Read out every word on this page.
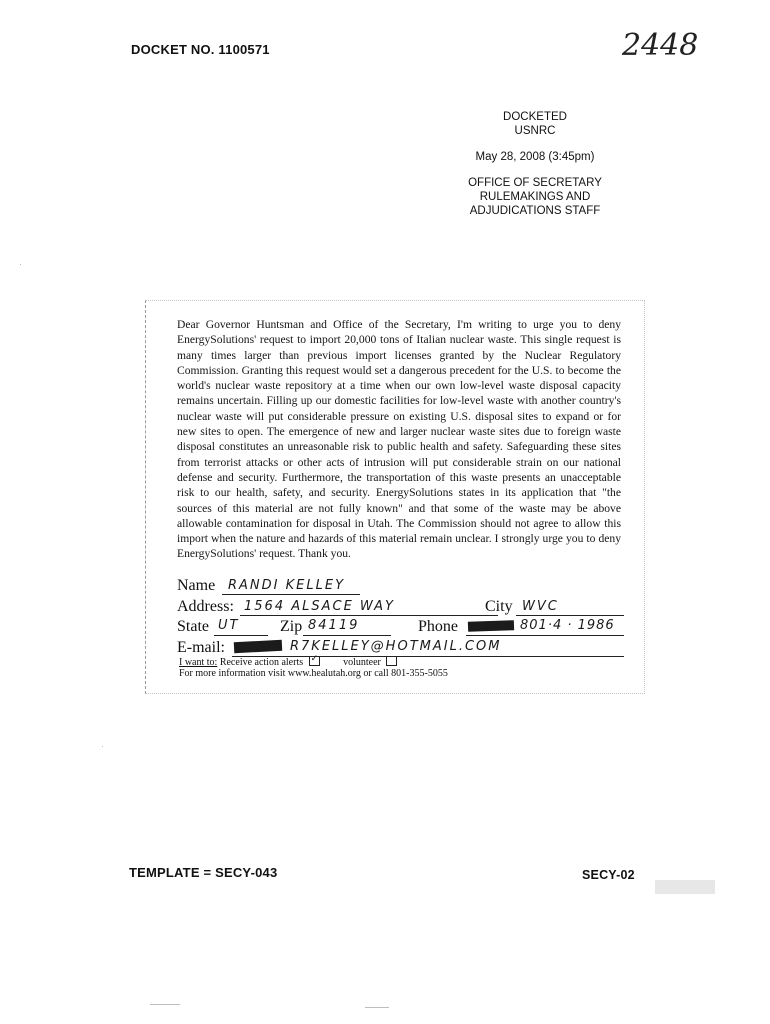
DOCKET NO. 1100571	2448
DOCKETED
USNRC
May 28, 2008 (3:45pm)
OFFICE OF SECRETARY
RULEMAKINGS AND
ADJUDICATIONS STAFF
Dear Governor Huntsman and Office of the Secretary, I'm writing to urge you to deny EnergySolutions' request to import 20,000 tons of Italian nuclear waste. This single request is many times larger than previous import licenses granted by the Nuclear Regulatory Commission. Granting this request would set a dangerous precedent for the U.S. to become the world's nuclear waste repository at a time when our own low-level waste disposal capacity remains uncertain. Filling up our domestic facilities for low-level waste with another country's nuclear waste will put considerable pressure on existing U.S. disposal sites to expand or for new sites to open. The emergence of new and larger nuclear waste sites due to foreign waste disposal constitutes an unreasonable risk to public health and safety. Safeguarding these sites from terrorist attacks or other acts of intrusion will put considerable strain on our national defense and security. Furthermore, the transportation of this waste presents an unacceptable risk to our health, safety, and security. EnergySolutions states in its application that "the sources of this material are not fully known" and that some of the waste may be above allowable contamination for disposal in Utah. The Commission should not agree to allow this import when the nature and hazards of this material remain unclear. I strongly urge you to deny EnergySolutions' request. Thank you.
Name RANDI KELLEY
Address: 1564 ALSACE WAY	City WVC
State UT	Zip 84119	Phone	801·4 · 1986
E-mail:	R7KELLEY@HOTMAIL.COM
I want to: Receive action alerts ✓ volunteer
For more information visit www.healutah.org or call 801-355-5055
TEMPLATE = SECY-043	SECY-02
